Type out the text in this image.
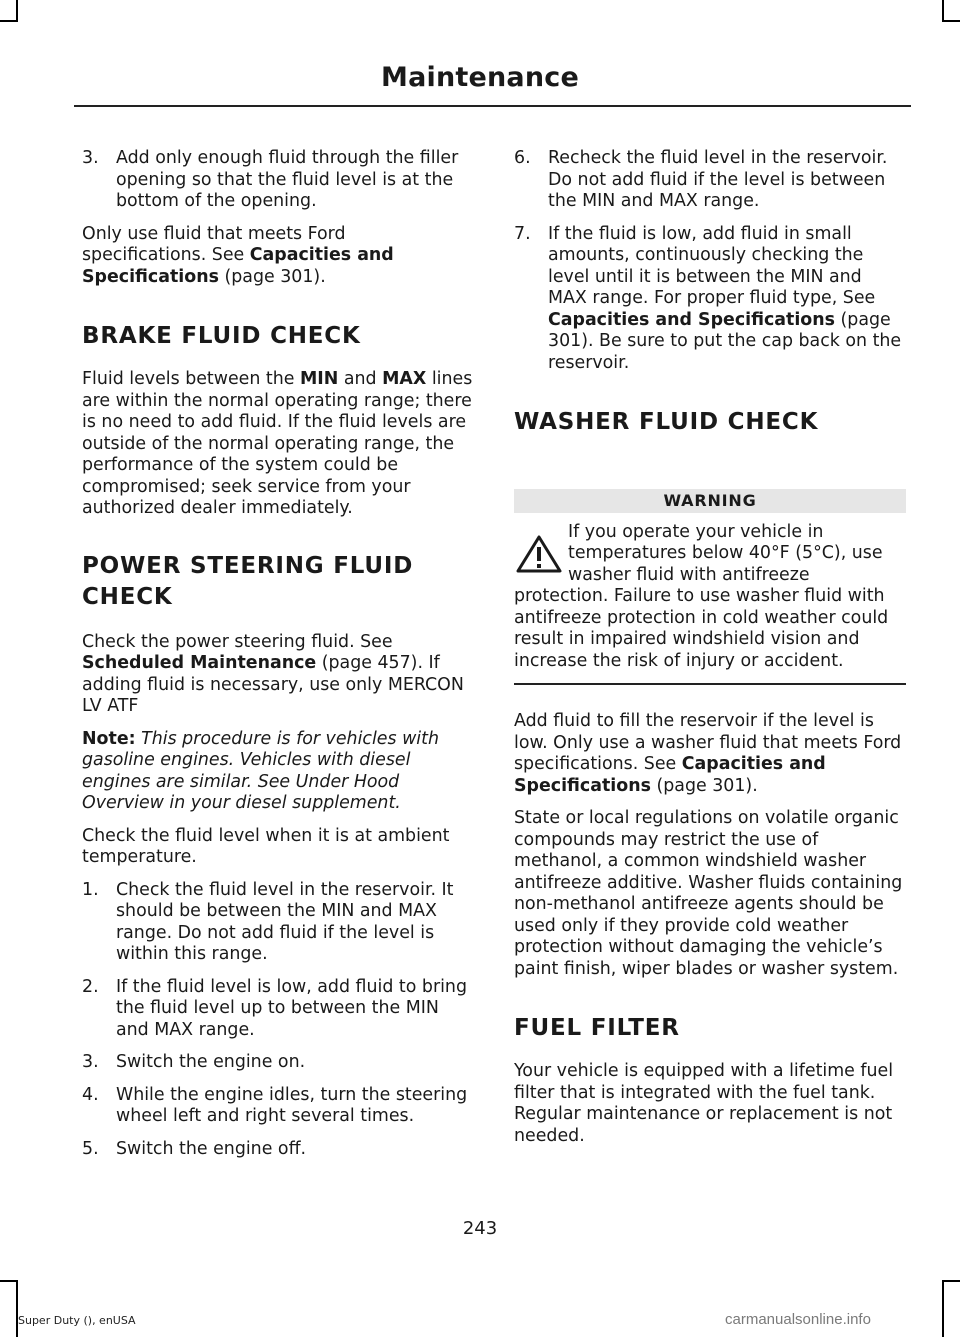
Maintenance
3.	Add only enough fluid through the filler opening so that the fluid level is at the bottom of the opening.

Only use fluid that meets Ford specifications. See Capacities and Specifications (page 301).

BRAKE FLUID CHECK

Fluid levels between the MIN and MAX lines are within the normal operating range; there is no need to add fluid. If the fluid levels are outside of the normal operating range, the performance of the system could be compromised; seek service from your authorized dealer immediately.

POWER STEERING FLUID
CHECK

Check the power steering fluid. See Scheduled Maintenance (page 457). If adding fluid is necessary, use only MERCON LV ATF

Note: This procedure is for vehicles with gasoline engines. Vehicles with diesel engines are similar. See Under Hood Overview in your diesel supplement.

Check the fluid level when it is at ambient temperature.

1.	Check the fluid level in the reservoir. It should be between the MIN and MAX range. Do not add fluid if the level is within this range.
2.	If the fluid level is low, add fluid to bring the fluid level up to between the MIN and MAX range.
3.	Switch the engine on.
4.	While the engine idles, turn the steering wheel left and right several times.
5.	Switch the engine off.
6.	Recheck the fluid level in the reservoir. Do not add fluid if the level is between the MIN and MAX range.
7.	If the fluid is low, add fluid in small amounts, continuously checking the level until it is between the MIN and MAX range. For proper fluid type, See Capacities and Specifications (page 301). Be sure to put the cap back on the reservoir.
WASHER FLUID CHECK
WARNING
If you operate your vehicle in temperatures below 40°F (5°C), use washer fluid with antifreeze protection. Failure to use washer fluid with antifreeze protection in cold weather could result in impaired windshield vision and increase the risk of injury or accident.

Add fluid to fill the reservoir if the level is low. Only use a washer fluid that meets Ford specifications. See Capacities and Specifications (page 301).

State or local regulations on volatile organic compounds may restrict the use of methanol, a common windshield washer antifreeze additive. Washer fluids containing non-methanol antifreeze agents should be used only if they provide cold weather protection without damaging the vehicle’s paint finish, wiper blades or washer system.

FUEL FILTER

Your vehicle is equipped with a lifetime fuel filter that is integrated with the fuel tank. Regular maintenance or replacement is not needed.

243
Super Duty (), enUSA	carmanualsonline.info
